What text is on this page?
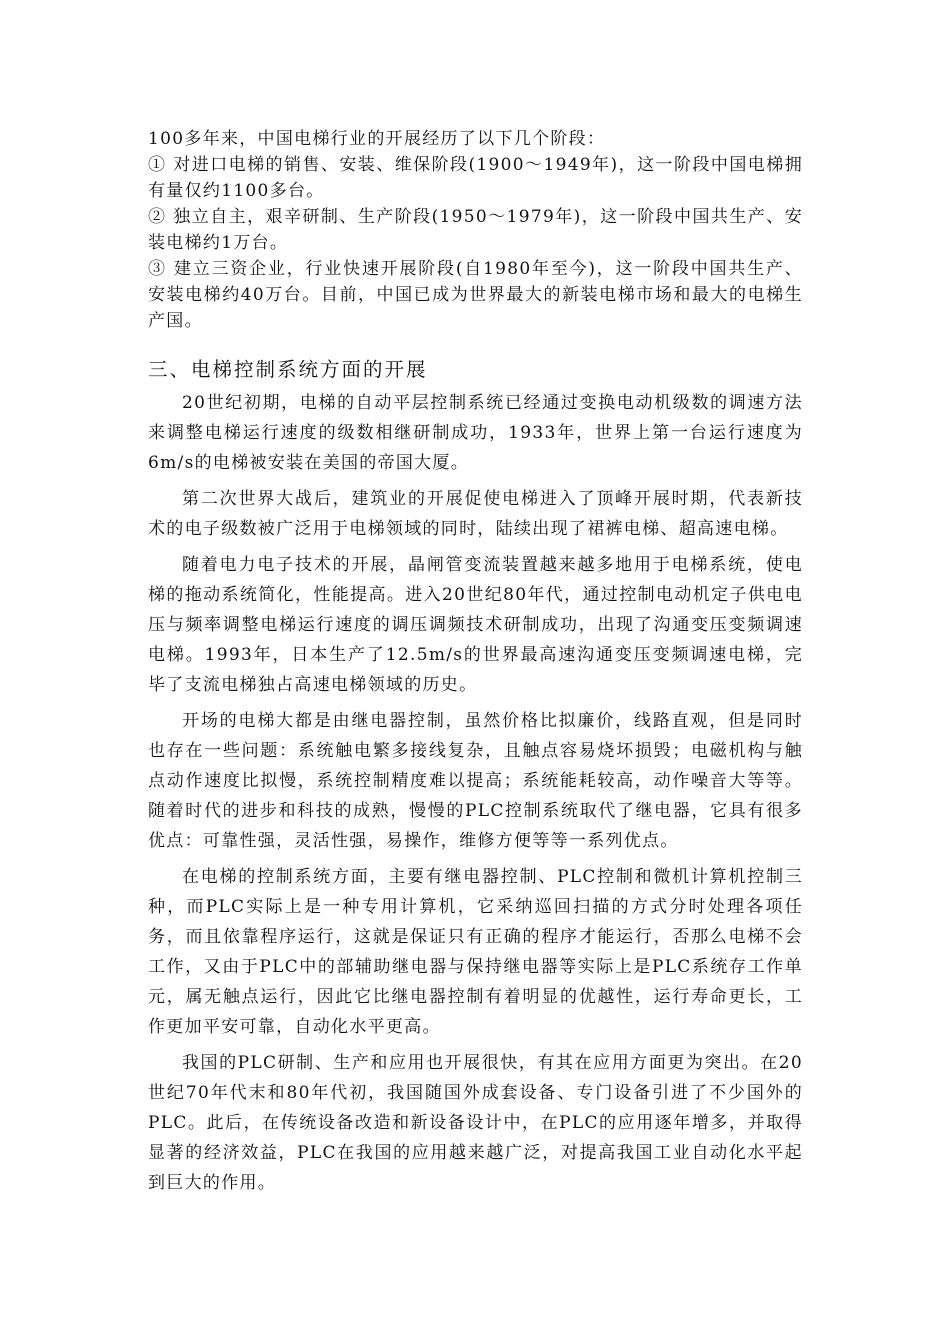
100多年来，中国电梯行业的开展经历了以下几个阶段：

① 对进口电梯的销售、安装、维保阶段(1900～1949年)，这一阶段中国电梯拥有量仅约1100多台。

② 独立自主，艰辛研制、生产阶段(1950～1979年)，这一阶段中国共生产、安装电梯约1万台。

③ 建立三资企业，行业快速开展阶段(自1980年至今)，这一阶段中国共生产、安装电梯约40万台。目前，中国已成为世界最大的新装电梯市场和最大的电梯生产国。

三、电梯控制系统方面的开展

20世纪初期，电梯的自动平层控制系统已经通过变换电动机级数的调速方法来调整电梯运行速度的级数相继研制成功，1933年，世界上第一台运行速度为6m/s的电梯被安装在美国的帝国大厦。

第二次世界大战后，建筑业的开展促使电梯进入了顶峰开展时期，代表新技术的电子级数被广泛用于电梯领域的同时，陆续出现了裙裤电梯、超高速电梯。

随着电力电子技术的开展，晶闸管变流装置越来越多地用于电梯系统，使电梯的拖动系统简化，性能提高。进入20世纪80年代，通过控制电动机定子供电电压与频率调整电梯运行速度的调压调频技术研制成功，出现了沟通变压变频调速电梯。1993年，日本生产了12.5m/s的世界最高速沟通变压变频调速电梯，完毕了支流电梯独占高速电梯领域的历史。

开场的电梯大都是由继电器控制，虽然价格比拟廉价，线路直观，但是同时也存在一些问题：系统触电繁多接线复杂，且触点容易烧坏损毁；电磁机构与触点动作速度比拟慢，系统控制精度难以提高；系统能耗较高，动作噪音大等等。随着时代的进步和科技的成熟，慢慢的PLC控制系统取代了继电器，它具有很多优点：可靠性强，灵活性强，易操作，维修方便等等一系列优点。

在电梯的控制系统方面，主要有继电器控制、PLC控制和微机计算机控制三种，而PLC实际上是一种专用计算机，它采纳巡回扫描的方式分时处理各项任务，而且依靠程序运行，这就是保证只有正确的程序才能运行，否那么电梯不会工作，又由于PLC中的部辅助继电器与保持继电器等实际上是PLC系统存工作单元，属无触点运行，因此它比继电器控制有着明显的优越性，运行寿命更长，工作更加平安可靠，自动化水平更高。

我国的PLC研制、生产和应用也开展很快，有其在应用方面更为突出。在20世纪70年代末和80年代初，我国随国外成套设备、专门设备引进了不少国外的PLC。此后，在传统设备改造和新设备设计中，在PLC的应用逐年增多，并取得显著的经济效益，PLC在我国的应用越来越广泛，对提高我国工业自动化水平起到巨大的作用。
